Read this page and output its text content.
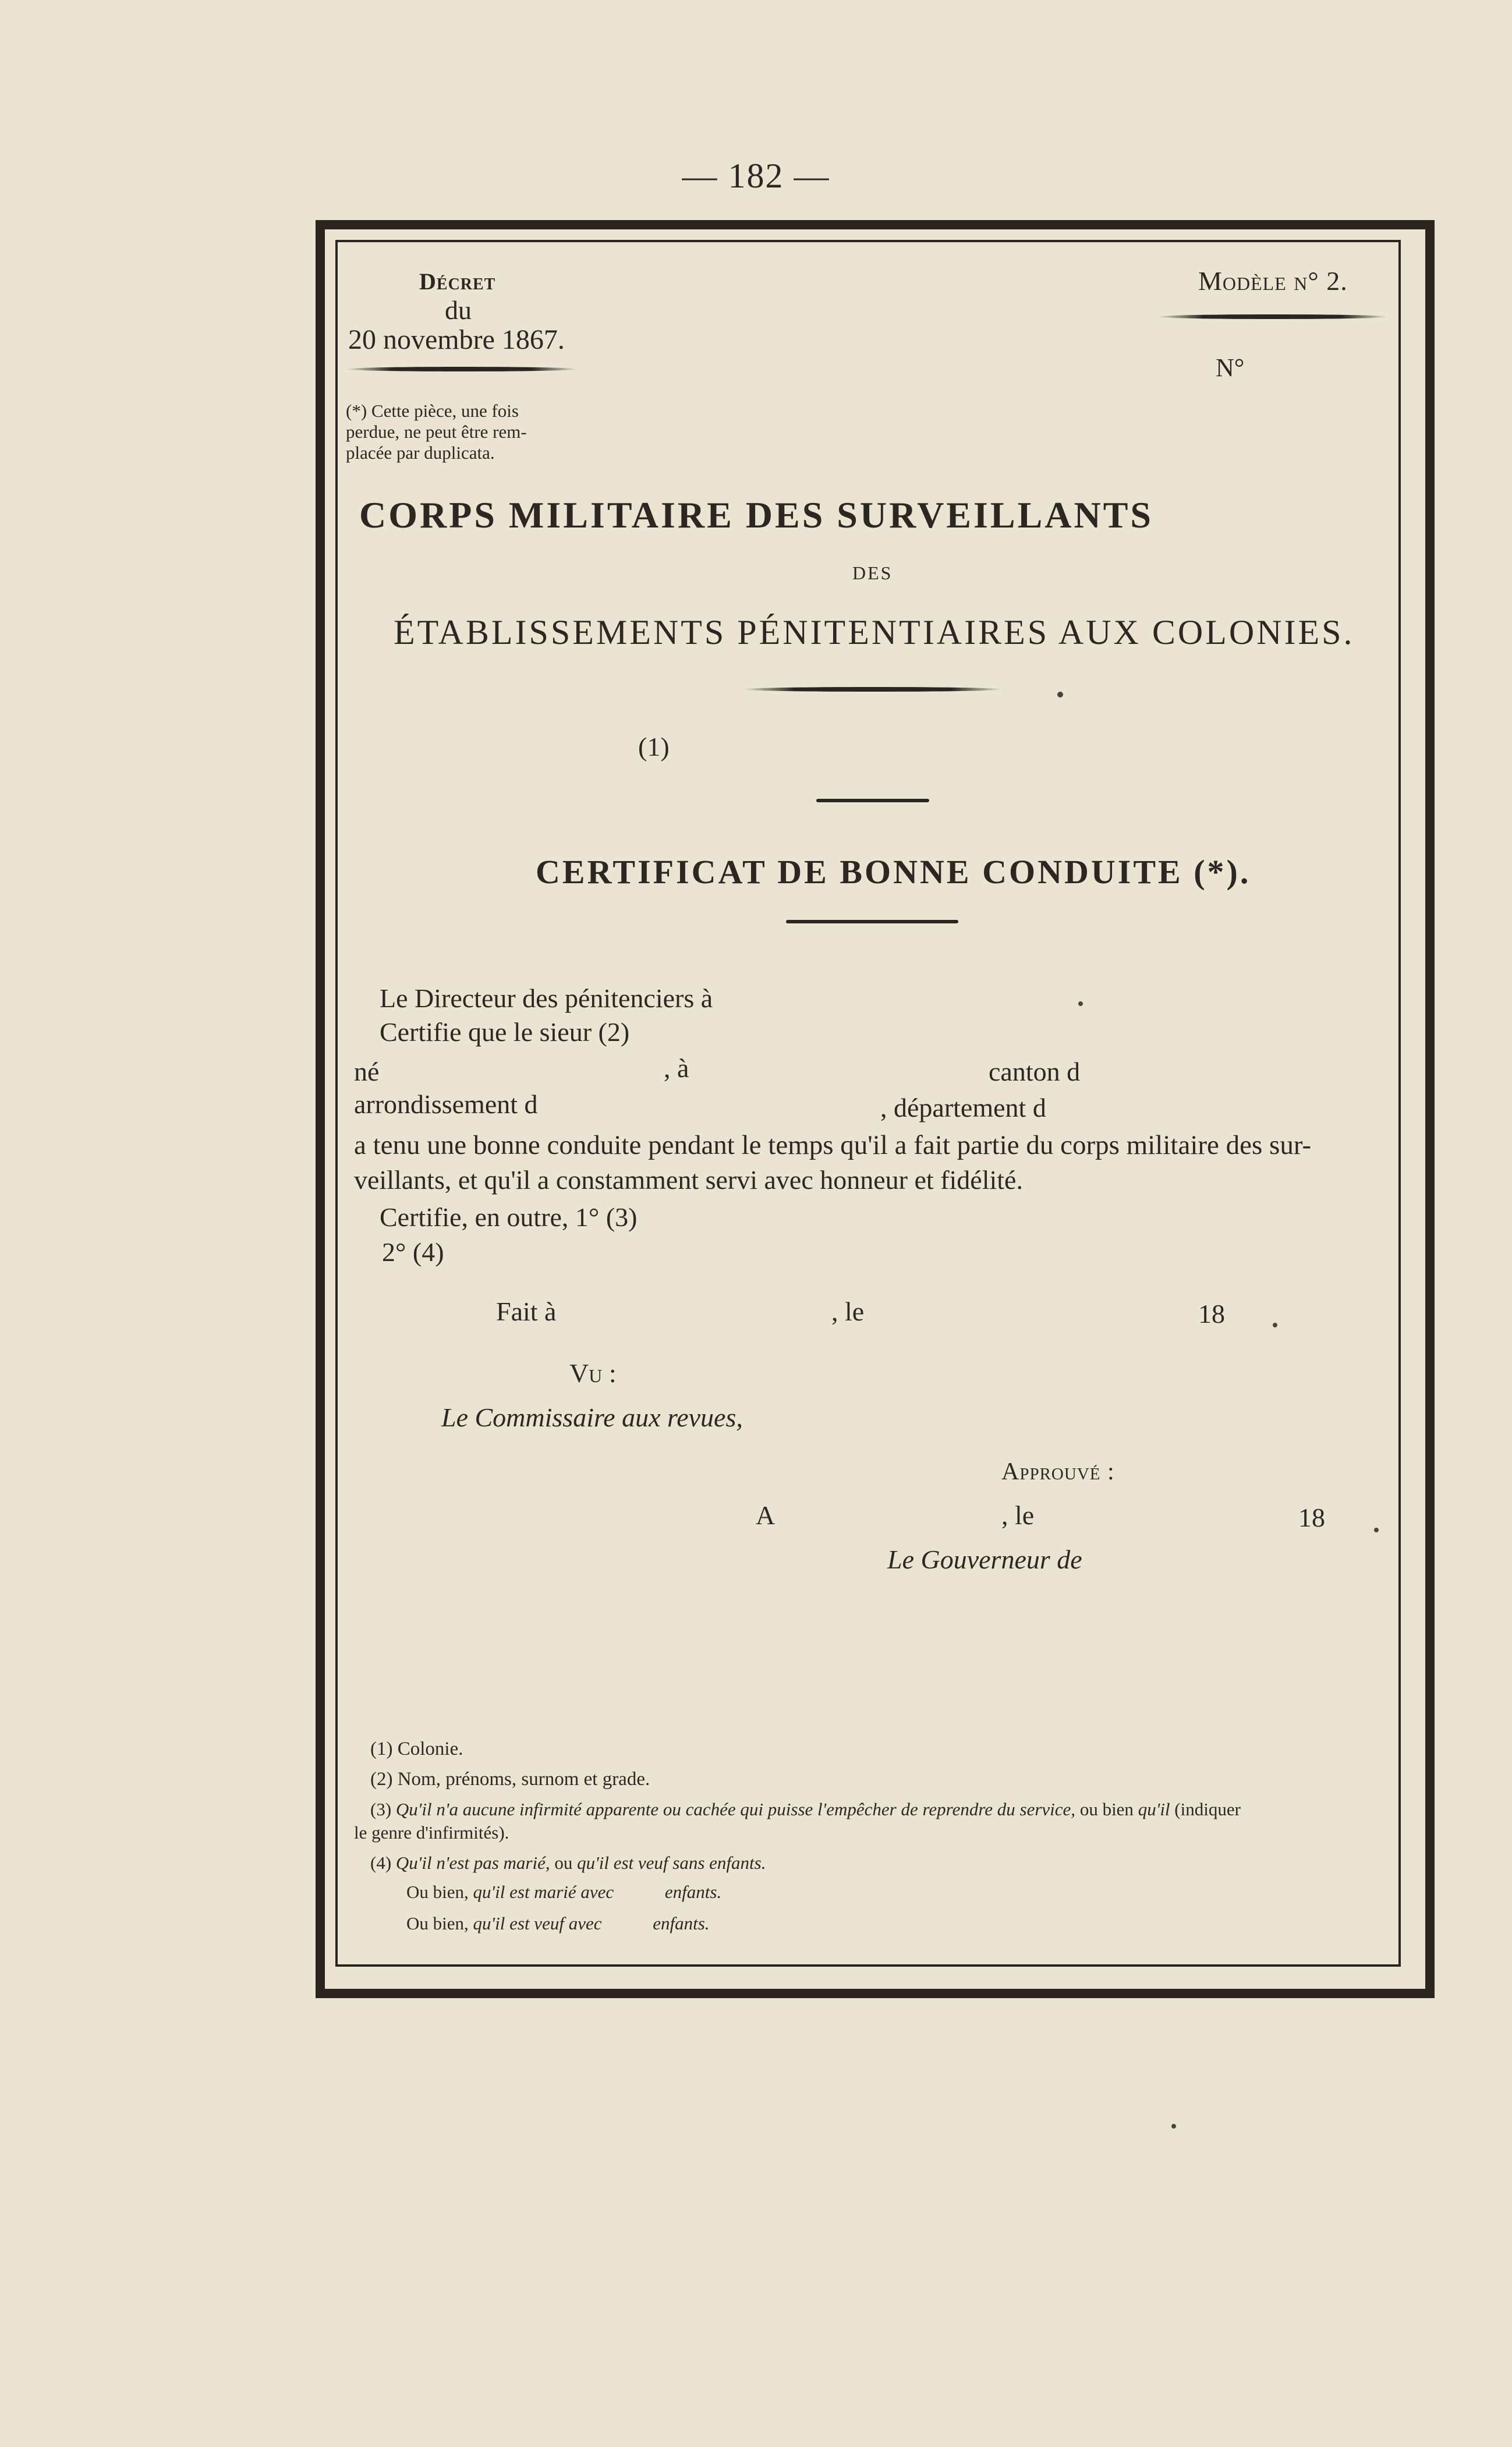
— 182 —
Décret
du
20 novembre 1867.
Modèle n° 2.
N°
(*) Cette pièce, une fois
perdue, ne peut être rem-
placée par duplicata.
CORPS MILITAIRE DES SURVEILLANTS
DES
ÉTABLISSEMENTS PÉNITENTIAIRES AUX COLONIES.
(1)
CERTIFICAT DE BONNE CONDUITE (*).
Le Directeur des pénitenciers à
Certifie que le sieur (2)
né	, à	canton d
arrondissement d	, département d
a tenu une bonne conduite pendant le temps qu'il a fait partie du corps militaire des sur-
veillants, et qu'il a constamment servi avec honneur et fidélité.
Certifie, en outre, 1° (3)
2° (4)
Fait à	, le	18
Vu :
Le Commissaire aux revues,
Approuvé :
A	, le	18
Le Gouverneur de
(1) Colonie.
(2) Nom, prénoms, surnom et grade.
(3) Qu'il n'a aucune infirmité apparente ou cachée qui puisse l'empêcher de reprendre du service, ou bien qu'il (indiquer
le genre d'infirmités).
(4) Qu'il n'est pas marié, ou qu'il est veuf sans enfants.
Ou bien, qu'il est marié avec	enfants.
Ou bien, qu'il est veuf avec	enfants.
